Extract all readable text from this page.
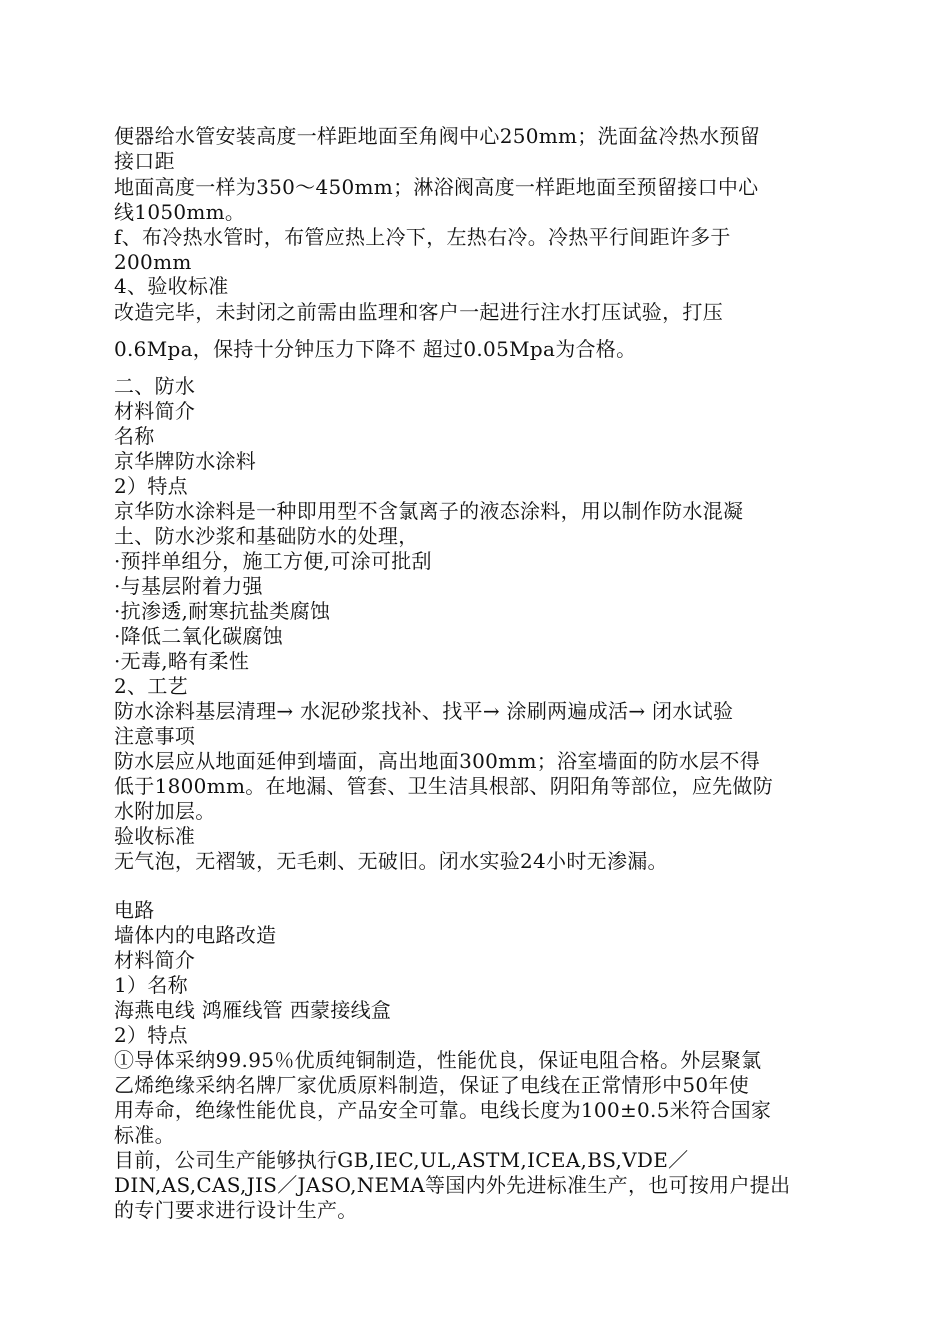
便器给水管安装高度一样距地面至角阀中心250mm；洗面盆冷热水预留
接口距
地面高度一样为350～450mm；淋浴阀高度一样距地面至预留接口中心
线1050mm。
f、布冷热水管时，布管应热上冷下，左热右冷。冷热平行间距许多于
200mm
4、验收标准
改造完毕，未封闭之前需由监理和客户一起进行注水打压试验，打压
0.6Mpa，保持十分钟压力下降不 超过0.05Mpa为合格。
二、防水
材料简介
名称
京华牌防水涂料
2）特点
京华防水涂料是一种即用型不含氯离子的液态涂料，用以制作防水混凝
土、防水沙浆和基础防水的处理，
·预拌单组分，施工方便,可涂可批刮
·与基层附着力强
·抗渗透,耐寒抗盐类腐蚀
·降低二氧化碳腐蚀
·无毒,略有柔性
2、工艺
防水涂料基层清理→ 水泥砂浆找补、找平→ 涂刷两遍成活→ 闭水试验
注意事项
防水层应从地面延伸到墙面，高出地面300mm；浴室墙面的防水层不得
低于1800mm。在地漏、管套、卫生洁具根部、阴阳角等部位，应先做防
水附加层。
验收标准
无气泡，无褶皱，无毛刺、无破旧。闭水实验24小时无渗漏。
电路
墙体内的电路改造
材料简介
1）名称
海燕电线 鸿雁线管 西蒙接线盒
2）特点
①导体采纳99.95％优质纯铜制造，性能优良，保证电阻合格。外层聚氯
乙烯绝缘采纳名牌厂家优质原料制造，保证了电线在正常情形中50年使
用寿命，绝缘性能优良，产品安全可靠。电线长度为100±0.5米符合国家
标准。
目前，公司生产能够执行GB,IEC,UL,ASTM,ICEA,BS,VDE／
DIN,AS,CAS,JIS／JASO,NEMA等国内外先进标准生产，也可按用户提出
的专门要求进行设计生产。
